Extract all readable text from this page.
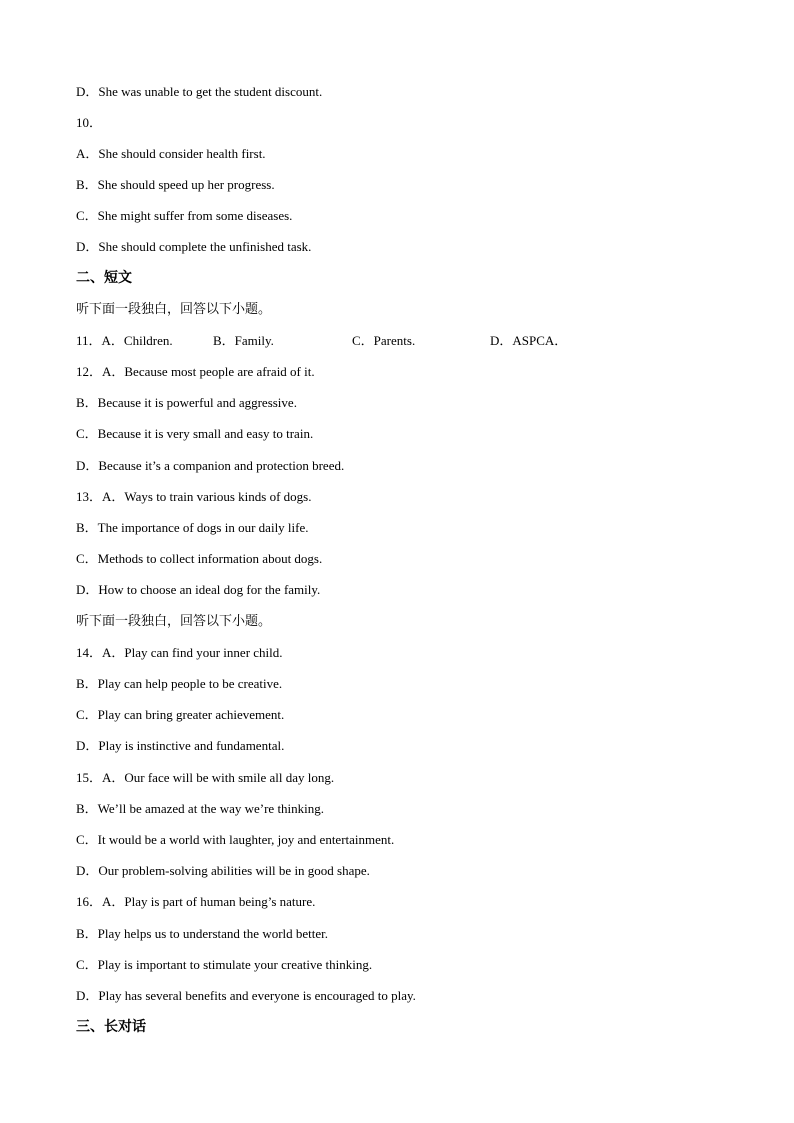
D．She was unable to get the student discount.
10．
A．She should consider health first.
B．She should speed up her progress.
C．She might suffer from some diseases.
D．She should complete the unfinished task.
二、短文
听下面一段独白，回答以下小题。
11．A．Children.	B．Family.	C．Parents.	D．ASPCA．
12．A．Because most people are afraid of it.
B．Because it is powerful and aggressive.
C．Because it is very small and easy to train.
D．Because it’s a companion and protection breed.
13．A．Ways to train various kinds of dogs.
B．The importance of dogs in our daily life.
C．Methods to collect information about dogs.
D．How to choose an ideal dog for the family.
听下面一段独白，回答以下小题。
14．A．Play can find your inner child.
B．Play can help people to be creative.
C．Play can bring greater achievement.
D．Play is instinctive and fundamental.
15．A．Our face will be with smile all day long.
B．We’ll be amazed at the way we’re thinking.
C．It would be a world with laughter, joy and entertainment.
D．Our problem-solving abilities will be in good shape.
16．A．Play is part of human being’s nature.
B．Play helps us to understand the world better.
C．Play is important to stimulate your creative thinking.
D．Play has several benefits and everyone is encouraged to play.
三、长对话
